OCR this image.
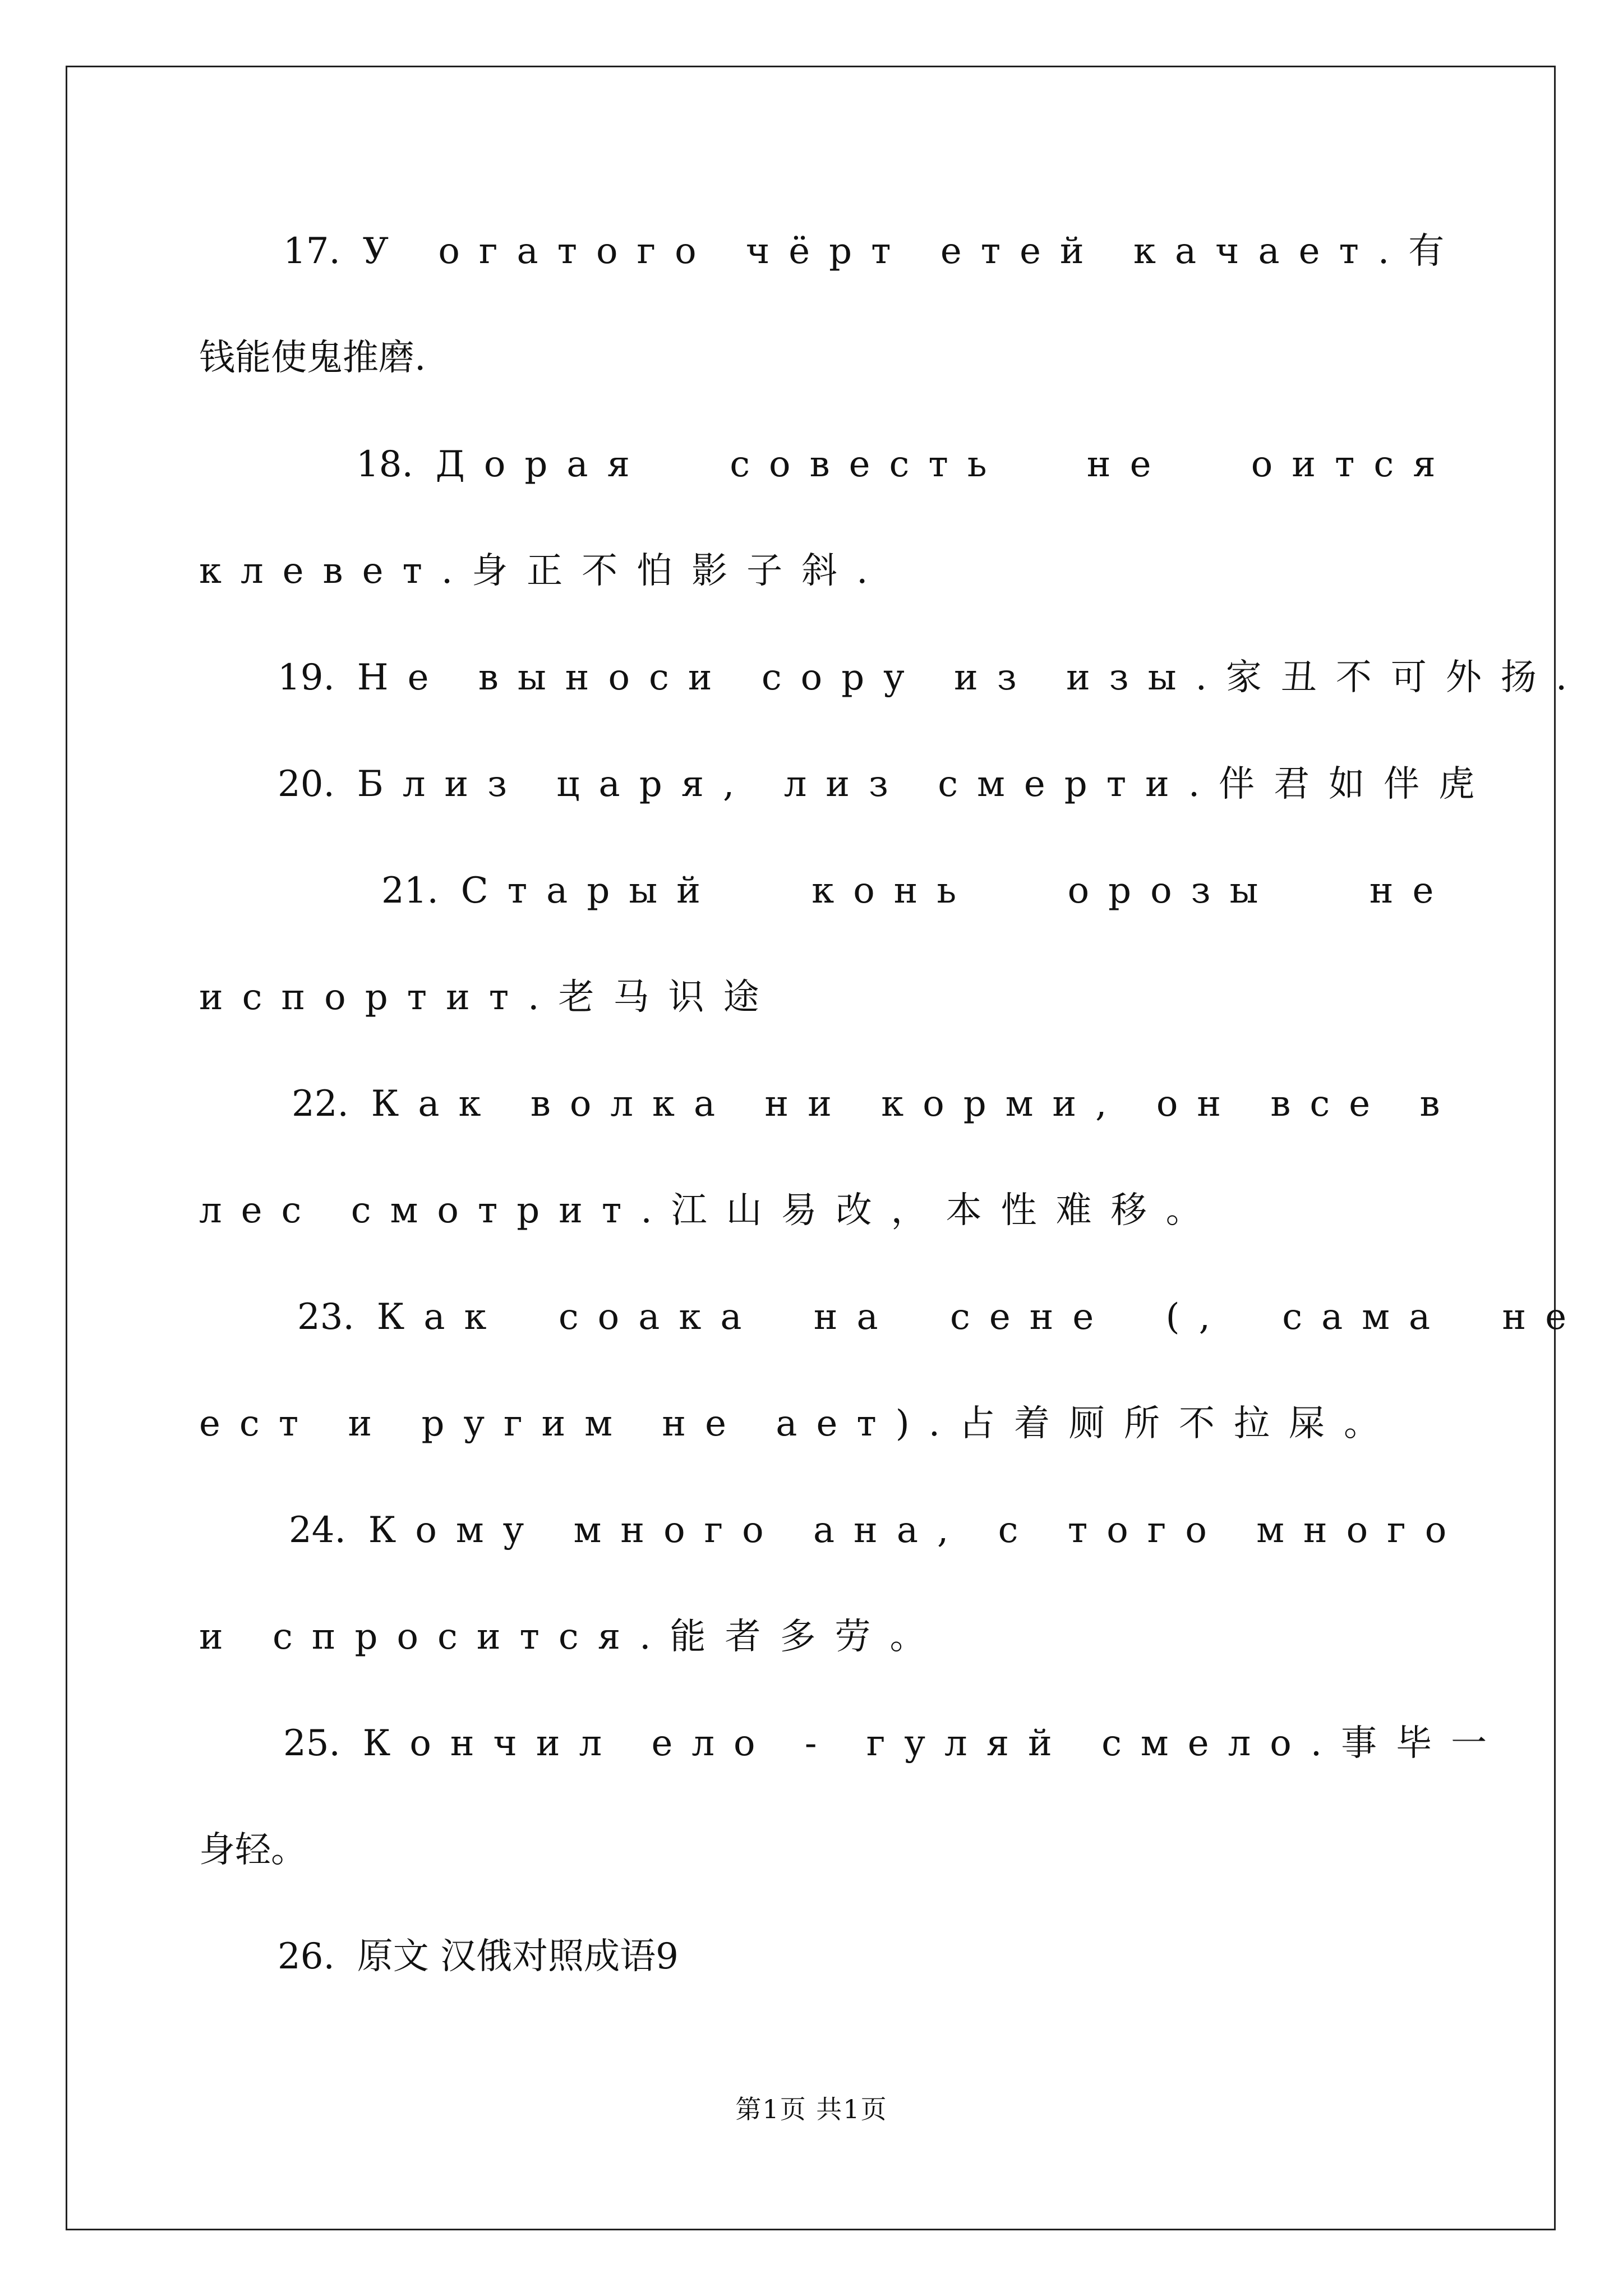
17. У огатого чёрт етей качает.有
钱能使鬼推磨.
18. Дорая совесть не оится
клевет.身正不怕影子斜.
19. Не выноси сору из изы.家丑不可外扬.
20. Близ царя, лиз смерти.伴君如伴虎
21. Старый конь орозы не
испортит.老马识途
22. Как волка ни корми, он все в
лес смотрит.江山易改，本性难移。
23. Как соака на сене (, сама не
ест и ругим не ает).占着厕所不拉屎。
24. Кому много ана, с того много
и спросится.能者多劳。
25. Кончил ело - гуляй смело.事毕一
身轻。
26. 原文 汉俄对照成语9
第1页 共1页
